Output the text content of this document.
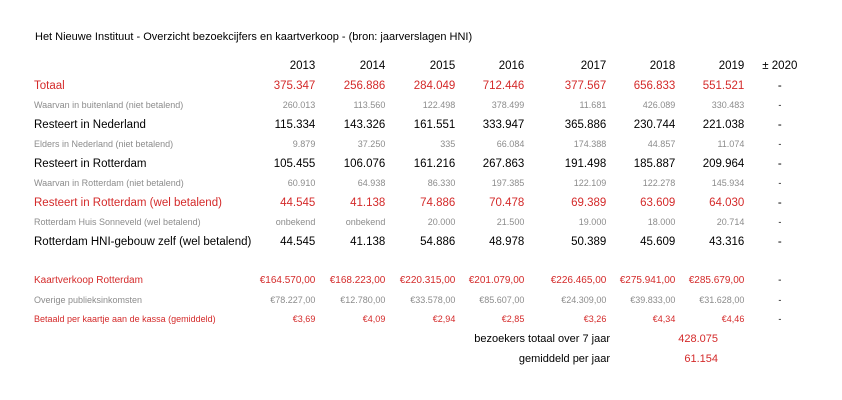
Het Nieuwe Instituut - Overzicht bezoekcijfers en kaartverkoop - (bron: jaarverslagen HNI)
	2013	2014	2015	2016	2017	2018	2019	± 2020
Totaal	375.347	256.886	284.049	712.446	377.567	656.833	551.521	-
Waarvan in buitenland (niet betalend)	260.013	113.560	122.498	378.499	11.681	426.089	330.483	-
Resteert in Nederland	115.334	143.326	161.551	333.947	365.886	230.744	221.038	-
Elders in Nederland (niet betalend)	9.879	37.250	335	66.084	174.388	44.857	11.074	-
Resteert in Rotterdam	105.455	106.076	161.216	267.863	191.498	185.887	209.964	-
Waarvan in Rotterdam (niet betalend)	60.910	64.938	86.330	197.385	122.109	122.278	145.934	-
Resteert in Rotterdam (wel betalend)	44.545	41.138	74.886	70.478	69.389	63.609	64.030	-
Rotterdam Huis Sonneveld (wel betalend)	onbekend	onbekend	20.000	21.500	19.000	18.000	20.714	-
Rotterdam HNI-gebouw zelf (wel betalend)	44.545	41.138	54.886	48.978	50.389	45.609	43.316	-

Kaartverkoop Rotterdam	€164.570,00	€168.223,00	€220.315,00	€201.079,00	€226.465,00	€275.941,00	€285.679,00	-
Overige publieksinkomsten	€78.227,00	€12.780,00	€33.578,00	€85.607,00	€24.309,00	€39.833,00	€31.628,00	-
Betaald per kaartje aan de kassa (gemiddeld)	€3,69	€4,09	€2,94	€2,85	€3,26	€4,34	€4,46	-
bezoekers totaal over 7 jaar	428.075
gemiddeld per jaar	61.154
